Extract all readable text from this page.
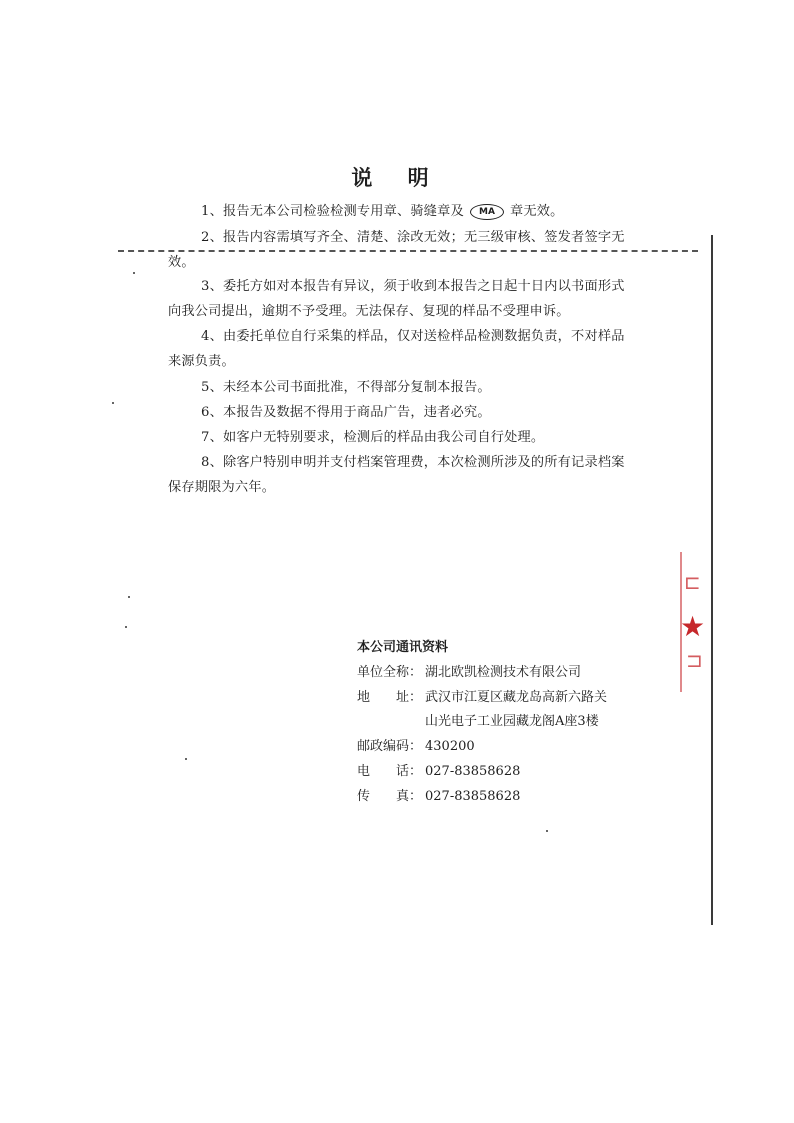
说 明
1、报告无本公司检验检测专用章、骑缝章及 MA 章无效。
2、报告内容需填写齐全、清楚、涂改无效；无三级审核、签发者签字无
效。
3、委托方如对本报告有异议，须于收到本报告之日起十日内以书面形式
向我公司提出，逾期不予受理。无法保存、复现的样品不受理申诉。
4、由委托单位自行采集的样品，仅对送检样品检测数据负责，不对样品
来源负责。
5、未经本公司书面批准，不得部分复制本报告。
6、本报告及数据不得用于商品广告，违者必究。
7、如客户无特别要求，检测后的样品由我公司自行处理。
8、除客户特别申明并支付档案管理费，本次检测所涉及的所有记录档案
保存期限为六年。
本公司通讯资料
单位全称： 湖北欧凯检测技术有限公司
地　　址： 武汉市江夏区藏龙岛高新六路关
山光电子工业园藏龙阁A座3楼
邮政编码： 430200
电　　话： 027-83858628
传　　真： 027-83858628
⊏
★
⊐
